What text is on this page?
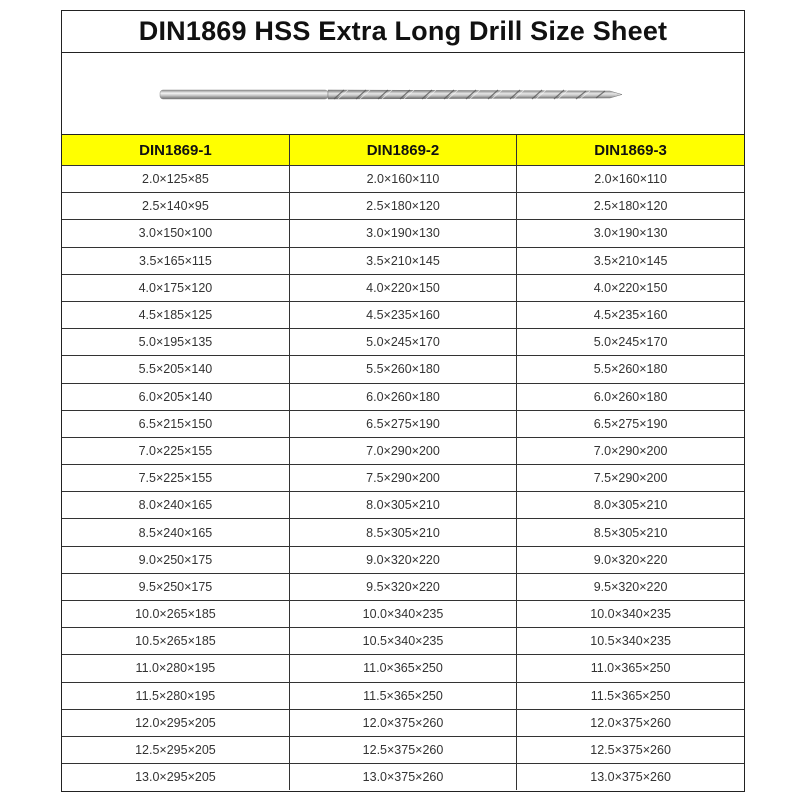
DIN1869 HSS Extra Long Drill Size Sheet
DIN1869-1	DIN1869-2	DIN1869-3
2.0×125×85	2.0×160×110	2.0×160×110
2.5×140×95	2.5×180×120	2.5×180×120
3.0×150×100	3.0×190×130	3.0×190×130
3.5×165×115	3.5×210×145	3.5×210×145
4.0×175×120	4.0×220×150	4.0×220×150
4.5×185×125	4.5×235×160	4.5×235×160
5.0×195×135	5.0×245×170	5.0×245×170
5.5×205×140	5.5×260×180	5.5×260×180
6.0×205×140	6.0×260×180	6.0×260×180
6.5×215×150	6.5×275×190	6.5×275×190
7.0×225×155	7.0×290×200	7.0×290×200
7.5×225×155	7.5×290×200	7.5×290×200
8.0×240×165	8.0×305×210	8.0×305×210
8.5×240×165	8.5×305×210	8.5×305×210
9.0×250×175	9.0×320×220	9.0×320×220
9.5×250×175	9.5×320×220	9.5×320×220
10.0×265×185	10.0×340×235	10.0×340×235
10.5×265×185	10.5×340×235	10.5×340×235
11.0×280×195	11.0×365×250	11.0×365×250
11.5×280×195	11.5×365×250	11.5×365×250
12.0×295×205	12.0×375×260	12.0×375×260
12.5×295×205	12.5×375×260	12.5×375×260
13.0×295×205	13.0×375×260	13.0×375×260
